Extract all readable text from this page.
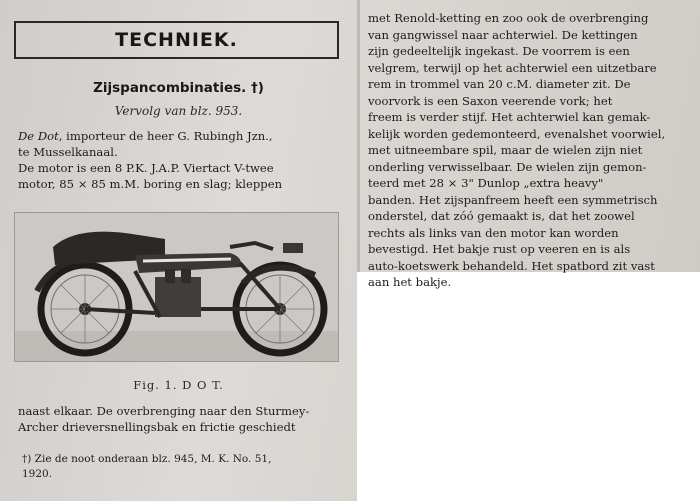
TECHNIEK.
Zijspancombinaties. †)
Vervolg van blz. 953.
De Dot, importeur de heer G. Rubingh Jzn.,
te Musselkanaal.
De motor is een 8 P.K. J.A.P. Viertact V-twee
motor, 85 × 85 m.M. boring en slag; kleppen
Fig. 1. D O T.
naast elkaar. De overbrenging naar den Sturmey-
Archer drieversnellingsbak en frictie geschiedt
†) Zie de noot onderaan blz. 945, M. K. No. 51,
1920.
met Renold-ketting en zoo ook de overbrenging
van gangwissel naar achterwiel. De kettingen
zijn gedeeltelijk ingekast. De voorrem is een
velgrem, terwijl op het achterwiel een uitzetbare
rem in trommel van 20 c.M. diameter zit. De
voorvork is een Saxon veerende vork; het
freem is verder stijf. Het achterwiel kan gemak-
kelijk worden gedemonteerd, evenalshet voorwiel,
met uitneembare spil, maar de wielen zijn niet
onderling verwisselbaar. De wielen zijn gemon-
teerd met 28 × 3" Dunlop „extra heavy"
banden. Het zijspanfreem heeft een symmetrisch
onderstel, dat zóó gemaakt is, dat het zoowel
rechts als links van den motor kan worden
bevestigd. Het bakje rust op veeren en is als
auto-koetswerk behandeld. Het spatbord zit vast
aan het bakje.
